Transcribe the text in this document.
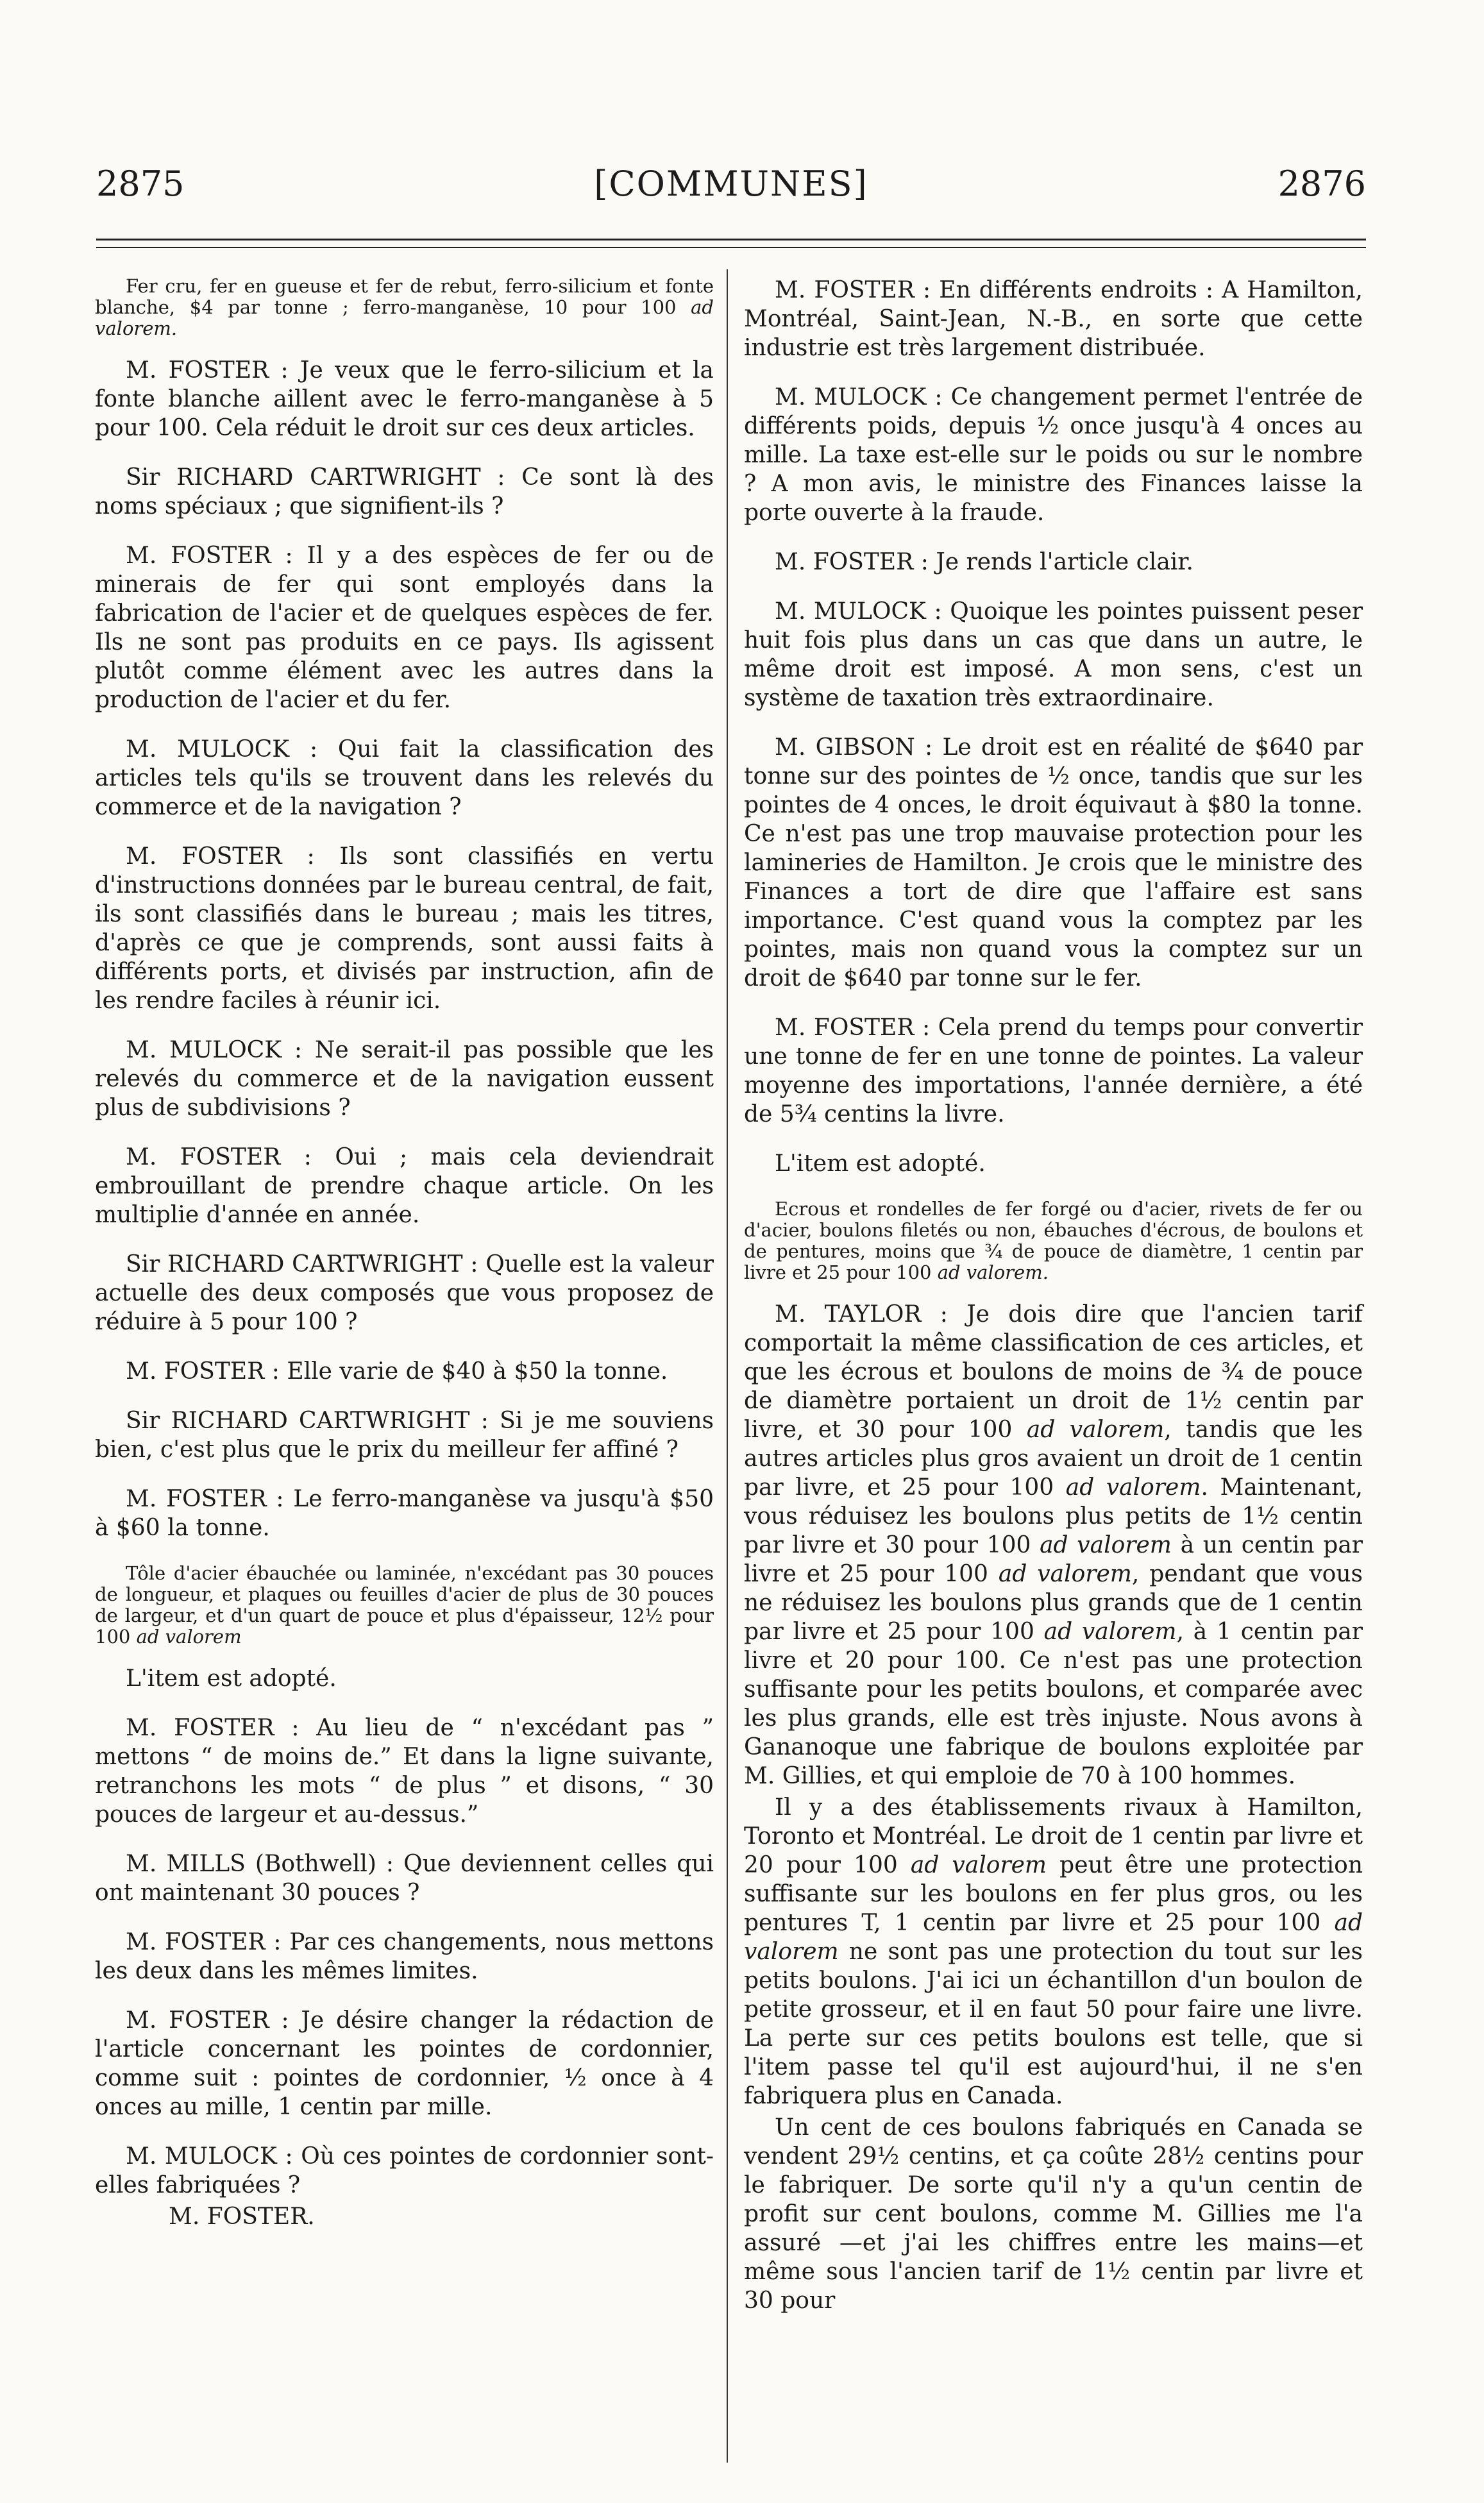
2875	[COMMUNES]	2876

Fer cru, fer en gueuse et fer de rebut, ferro-silicium et fonte blanche, $4 par tonne ; ferro-manganèse, 10 pour 100 ad valorem.

M. FOSTER : Je veux que le ferro-silicium et la fonte blanche aillent avec le ferro-manganèse à 5 pour 100. Cela réduit le droit sur ces deux articles.

Sir RICHARD CARTWRIGHT : Ce sont là des noms spéciaux ; que signifient-ils ?

M. FOSTER : Il y a des espèces de fer ou de minerais de fer qui sont employés dans la fabrication de l'acier et de quelques espèces de fer. Ils ne sont pas produits en ce pays. Ils agissent plutôt comme élément avec les autres dans la production de l'acier et du fer.

M. MULOCK : Qui fait la classification des articles tels qu'ils se trouvent dans les relevés du commerce et de la navigation ?

M. FOSTER : Ils sont classifiés en vertu d'instructions données par le bureau central, de fait, ils sont classifiés dans le bureau ; mais les titres, d'après ce que je comprends, sont aussi faits à différents ports, et divisés par instruction, afin de les rendre faciles à réunir ici.

M. MULOCK : Ne serait-il pas possible que les relevés du commerce et de la navigation eussent plus de subdivisions ?

M. FOSTER : Oui ; mais cela deviendrait embrouillant de prendre chaque article. On les multiplie d'année en année.

Sir RICHARD CARTWRIGHT : Quelle est la valeur actuelle des deux composés que vous proposez de réduire à 5 pour 100 ?

M. FOSTER : Elle varie de $40 à $50 la tonne.

Sir RICHARD CARTWRIGHT : Si je me souviens bien, c'est plus que le prix du meilleur fer affiné ?

M. FOSTER : Le ferro-manganèse va jusqu'à $50 à $60 la tonne.

Tôle d'acier ébauchée ou laminée, n'excédant pas 30 pouces de longueur, et plaques ou feuilles d'acier de plus de 30 pouces de largeur, et d'un quart de pouce et plus d'épaisseur, 12½ pour 100 ad valorem

L'item est adopté.

M. FOSTER : Au lieu de “ n'excédant pas ” mettons “ de moins de.” Et dans la ligne suivante, retranchons les mots “ de plus ” et disons, “ 30 pouces de largeur et au-dessus.”

M. MILLS (Bothwell) : Que deviennent celles qui ont maintenant 30 pouces ?

M. FOSTER : Par ces changements, nous mettons les deux dans les mêmes limites.

M. FOSTER : Je désire changer la rédaction de l'article concernant les pointes de cordonnier, comme suit : pointes de cordonnier, ½ once à 4 onces au mille, 1 centin par mille.

M. MULOCK : Où ces pointes de cordonnier sont-elles fabriquées ?

M. FOSTER.

M. FOSTER : En différents endroits : A Hamilton, Montréal, Saint-Jean, N.-B., en sorte que cette industrie est très largement distribuée.

M. MULOCK : Ce changement permet l'entrée de différents poids, depuis ½ once jusqu'à 4 onces au mille. La taxe est-elle sur le poids ou sur le nombre ? A mon avis, le ministre des Finances laisse la porte ouverte à la fraude.

M. FOSTER : Je rends l'article clair.

M. MULOCK : Quoique les pointes puissent peser huit fois plus dans un cas que dans un autre, le même droit est imposé. A mon sens, c'est un système de taxation très extraordinaire.

M. GIBSON : Le droit est en réalité de $640 par tonne sur des pointes de ½ once, tandis que sur les pointes de 4 onces, le droit équivaut à $80 la tonne. Ce n'est pas une trop mauvaise protection pour les lamineries de Hamilton. Je crois que le ministre des Finances a tort de dire que l'affaire est sans importance. C'est quand vous la comptez par les pointes, mais non quand vous la comptez sur un droit de $640 par tonne sur le fer.

M. FOSTER : Cela prend du temps pour convertir une tonne de fer en une tonne de pointes. La valeur moyenne des importations, l'année dernière, a été de 5¾ centins la livre.

L'item est adopté.

Ecrous et rondelles de fer forgé ou d'acier, rivets de fer ou d'acier, boulons filetés ou non, ébauches d'écrous, de boulons et de pentures, moins que ¾ de pouce de diamètre, 1 centin par livre et 25 pour 100 ad valorem.

M. TAYLOR : Je dois dire que l'ancien tarif comportait la même classification de ces articles, et que les écrous et boulons de moins de ¾ de pouce de diamètre portaient un droit de 1½ centin par livre, et 30 pour 100 ad valorem, tandis que les autres articles plus gros avaient un droit de 1 centin par livre, et 25 pour 100 ad valorem. Maintenant, vous réduisez les boulons plus petits de 1½ centin par livre et 30 pour 100 ad valorem à un centin par livre et 25 pour 100 ad valorem, pendant que vous ne réduisez les boulons plus grands que de 1 centin par livre et 25 pour 100 ad valorem, à 1 centin par livre et 20 pour 100. Ce n'est pas une protection suffisante pour les petits boulons, et comparée avec les plus grands, elle est très injuste. Nous avons à Gananoque une fabrique de boulons exploitée par M. Gillies, et qui emploie de 70 à 100 hommes.

Il y a des établissements rivaux à Hamilton, Toronto et Montréal. Le droit de 1 centin par livre et 20 pour 100 ad valorem peut être une protection suffisante sur les boulons en fer plus gros, ou les pentures T, 1 centin par livre et 25 pour 100 ad valorem ne sont pas une protection du tout sur les petits boulons. J'ai ici un échantillon d'un boulon de petite grosseur, et il en faut 50 pour faire une livre. La perte sur ces petits boulons est telle, que si l'item passe tel qu'il est aujourd'hui, il ne s'en fabriquera plus en Canada.

Un cent de ces boulons fabriqués en Canada se vendent 29½ centins, et ça coûte 28½ centins pour le fabriquer. De sorte qu'il n'y a qu'un centin de profit sur cent boulons, comme M. Gillies me l'a assuré —et j'ai les chiffres entre les mains—et même sous l'ancien tarif de 1½ centin par livre et 30 pour
